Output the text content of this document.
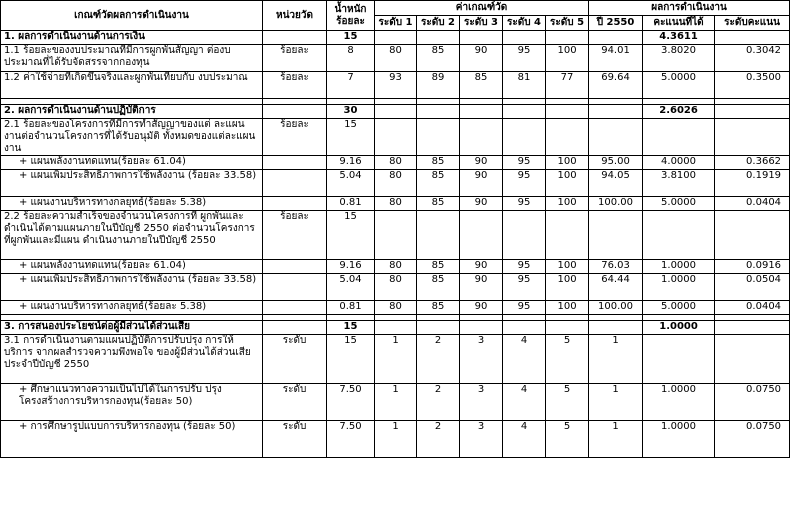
เกณฑ์วัดผลการดำเนินงาน	หน่วยวัด	น้ำหนัก ร้อยละ	ค่าเกณฑ์วัด					ผลการดำเนินงาน		
			ระดับ 1	ระดับ 2	ระดับ 3	ระดับ 4	ระดับ 5	ปี 2550	คะแนนที่ได้	ระดับคะแนน
1. ผลการดำเนินงานด้านการเงิน		15							4.3611	
1.1 ร้อยละของงบประมาณที่มีการผูกพันสัญญา ต่องบประมาณที่ได้รับจัดสรรจากกองทุน	ร้อยละ	8	80	85	90	95	100	94.01	3.8020	0.3042
1.2 ค่าใช้จ่ายที่เกิดขึ้นจริงและผูกพันเทียบกับ งบประมาณ	ร้อยละ	7	93	89	85	81	77	69.64	5.0000	0.3500

2. ผลการดำเนินงานด้านปฏิบัติการ		30							2.6026	
2.1 ร้อยละของโครงการที่มีการทำสัญญาของแต่ ละแผนงานต่อจำนวนโครงการที่ได้รับอนุมัติ ทั้งหมดของแต่ละแผนงาน	ร้อยละ	15								
+ แผนพลังงานทดแทน(ร้อยละ 61.04)		9.16	80	85	90	95	100	95.00	4.0000	0.3662
+ แผนเพิ่มประสิทธิภาพการใช้พลังงาน (ร้อยละ 33.58)		5.04	80	85	90	95	100	94.05	3.8100	0.1919
+ แผนงานบริหารทางกลยุทธ์(ร้อยละ 5.38)		0.81	80	85	90	95	100	100.00	5.0000	0.0404
2.2 ร้อยละความสำเร็จของจำนวนโครงการที่ ผูกพันและดำเนินได้ตามแผนภายในปีบัญชี 2550 ต่อจำนวนโครงการที่ผูกพันและมีแผน ดำเนินงานภายในปีบัญชี 2550	ร้อยละ	15								
+ แผนพลังงานทดแทน(ร้อยละ 61.04)		9.16	80	85	90	95	100	76.03	1.0000	0.0916
+ แผนเพิ่มประสิทธิภาพการใช้พลังงาน (ร้อยละ 33.58)		5.04	80	85	90	95	100	64.44	1.0000	0.0504
+ แผนงานบริหารทางกลยุทธ์(ร้อยละ 5.38)		0.81	80	85	90	95	100	100.00	5.0000	0.0404

3. การสนองประโยชน์ต่อผู้มีส่วนได้ส่วนเสีย		15							1.0000	
3.1 การดำเนินงานตามแผนปฏิบัติการปรับปรุง การให้บริการ จากผลสำรวจความพึงพอใจ ของผู้มีส่วนได้ส่วนเสีย ประจำปีบัญชี 2550	ระดับ	15	1	2	3	4	5	1		
+ ศึกษาแนวทางความเป็นไปได้ในการปรับ ปรุงโครงสร้างการบริหารกองทุน(ร้อยละ 50)	ระดับ	7.50	1	2	3	4	5	1	1.0000	0.0750
+ การศึกษารูปแบบการบริหารกองทุน (ร้อยละ 50)	ระดับ	7.50	1	2	3	4	5	1	1.0000	0.0750
